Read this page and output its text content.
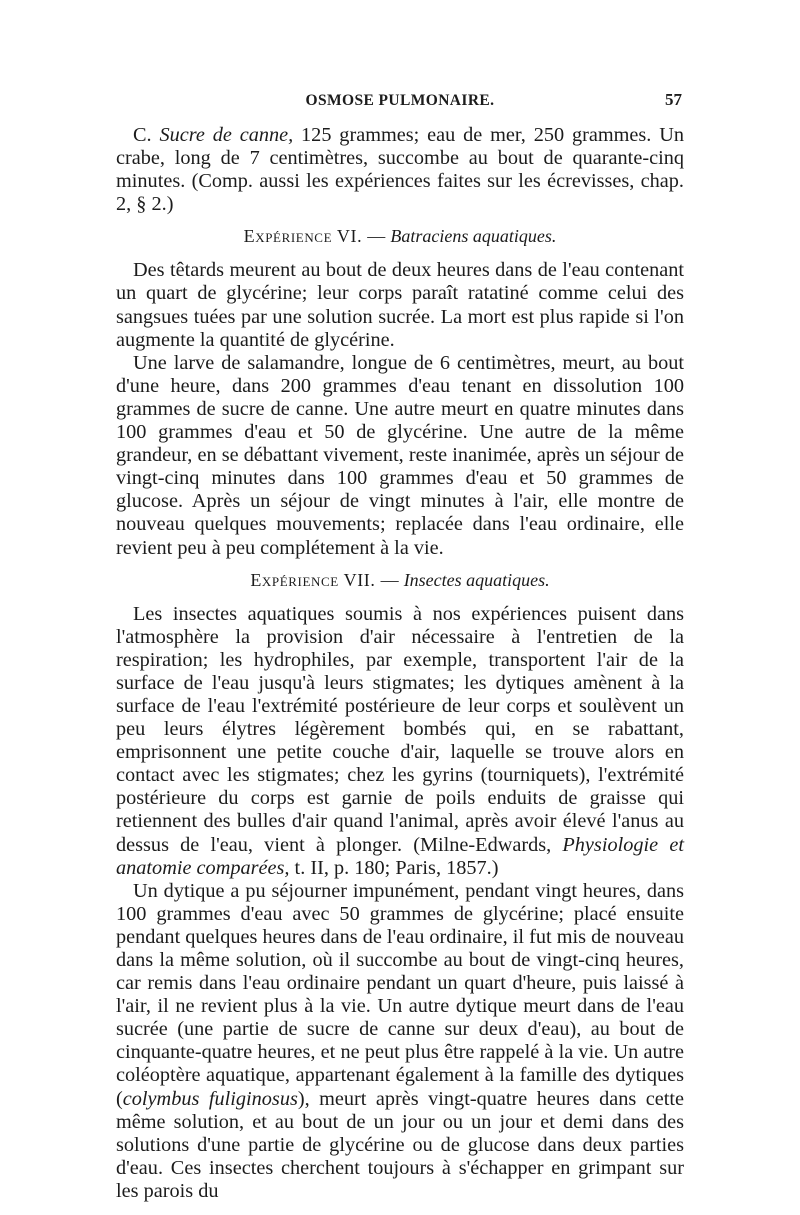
OSMOSE PULMONAIRE.	57

C. Sucre de canne, 125 grammes; eau de mer, 250 grammes. Un crabe, long de 7 centimètres, succombe au bout de quarante-cinq minutes. (Comp. aussi les expériences faites sur les écrevisses, chap. 2, § 2.)

Expérience VI. — Batraciens aquatiques.

Des têtards meurent au bout de deux heures dans de l'eau contenant un quart de glycérine; leur corps paraît ratatiné comme celui des sangsues tuées par une solution sucrée. La mort est plus rapide si l'on augmente la quantité de glycérine.

Une larve de salamandre, longue de 6 centimètres, meurt, au bout d'une heure, dans 200 grammes d'eau tenant en dissolution 100 grammes de sucre de canne. Une autre meurt en quatre minutes dans 100 grammes d'eau et 50 de glycérine. Une autre de la même grandeur, en se débattant vivement, reste inanimée, après un séjour de vingt-cinq minutes dans 100 grammes d'eau et 50 grammes de glucose. Après un séjour de vingt minutes à l'air, elle montre de nouveau quelques mouvements; replacée dans l'eau ordinaire, elle revient peu à peu complétement à la vie.

Expérience VII. — Insectes aquatiques.

Les insectes aquatiques soumis à nos expériences puisent dans l'atmosphère la provision d'air nécessaire à l'entretien de la respiration; les hydrophiles, par exemple, transportent l'air de la surface de l'eau jusqu'à leurs stigmates; les dytiques amènent à la surface de l'eau l'extrémité postérieure de leur corps et soulèvent un peu leurs élytres légèrement bombés qui, en se rabattant, emprisonnent une petite couche d'air, laquelle se trouve alors en contact avec les stigmates; chez les gyrins (tourniquets), l'extrémité postérieure du corps est garnie de poils enduits de graisse qui retiennent des bulles d'air quand l'animal, après avoir élevé l'anus au dessus de l'eau, vient à plonger. (Milne-Edwards, Physiologie et anatomie comparées, t. II, p. 180; Paris, 1857.)

Un dytique a pu séjourner impunément, pendant vingt heures, dans 100 grammes d'eau avec 50 grammes de glycérine; placé ensuite pendant quelques heures dans de l'eau ordinaire, il fut mis de nouveau dans la même solution, où il succombe au bout de vingt-cinq heures, car remis dans l'eau ordinaire pendant un quart d'heure, puis laissé à l'air, il ne revient plus à la vie. Un autre dytique meurt dans de l'eau sucrée (une partie de sucre de canne sur deux d'eau), au bout de cinquante-quatre heures, et ne peut plus être rappelé à la vie. Un autre coléoptère aquatique, appartenant également à la famille des dytiques (colymbus fuliginosus), meurt après vingt-quatre heures dans cette même solution, et au bout de un jour ou un jour et demi dans des solutions d'une partie de glycérine ou de glucose dans deux parties d'eau. Ces insectes cherchent toujours à s'échapper en grimpant sur les parois du
